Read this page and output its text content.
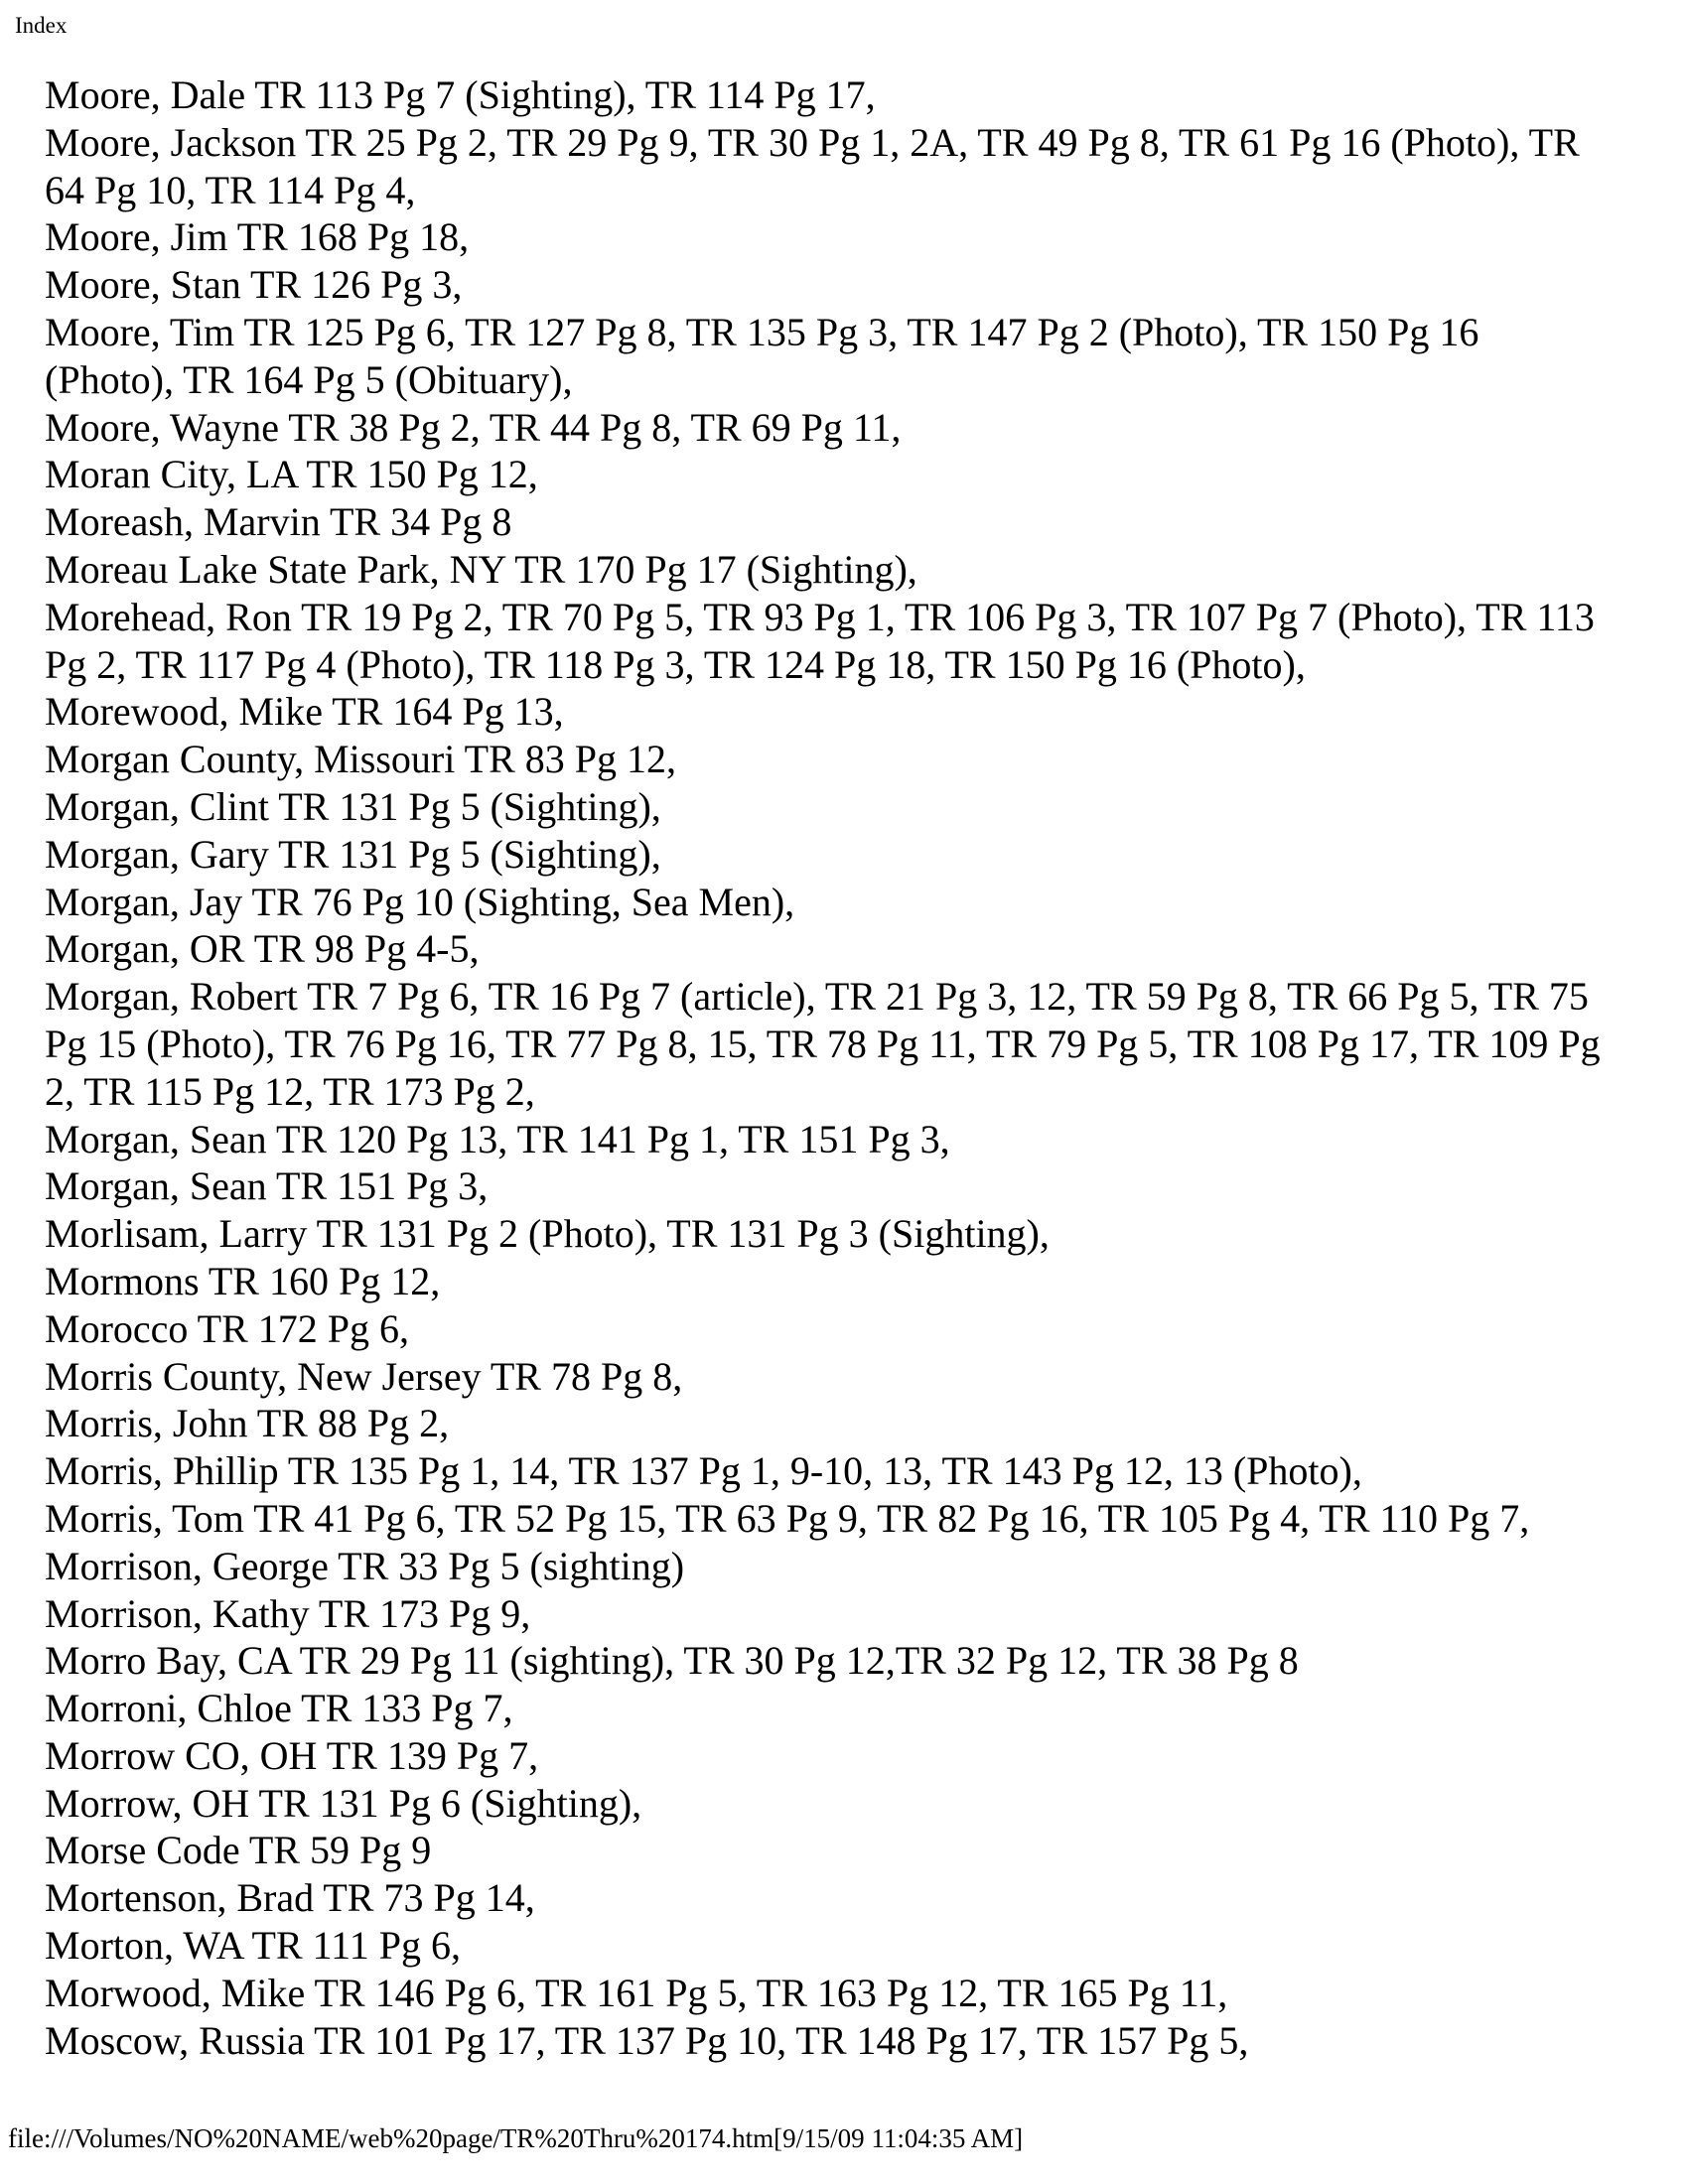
Index
Moore, Dale TR 113 Pg 7 (Sighting), TR 114 Pg 17,
Moore, Jackson TR 25 Pg 2, TR 29 Pg 9, TR 30 Pg 1, 2A, TR 49 Pg 8, TR 61 Pg 16 (Photo), TR
64 Pg 10, TR 114 Pg 4,
Moore, Jim TR 168 Pg 18,
Moore, Stan TR 126 Pg 3,
Moore, Tim TR 125 Pg 6, TR 127 Pg 8, TR 135 Pg 3, TR 147 Pg 2 (Photo), TR 150 Pg 16
(Photo), TR 164 Pg 5 (Obituary),
Moore, Wayne TR 38 Pg 2, TR 44 Pg 8, TR 69 Pg 11,
Moran City, LA TR 150 Pg 12,
Moreash, Marvin TR 34 Pg 8
Moreau Lake State Park, NY TR 170 Pg 17 (Sighting),
Morehead, Ron TR 19 Pg 2, TR 70 Pg 5, TR 93 Pg 1, TR 106 Pg 3, TR 107 Pg 7 (Photo), TR 113
Pg 2, TR 117 Pg 4 (Photo), TR 118 Pg 3, TR 124 Pg 18, TR 150 Pg 16 (Photo),
Morewood, Mike TR 164 Pg 13,
Morgan County, Missouri TR 83 Pg 12,
Morgan, Clint TR 131 Pg 5 (Sighting),
Morgan, Gary TR 131 Pg 5 (Sighting),
Morgan, Jay TR 76 Pg 10 (Sighting, Sea Men),
Morgan, OR TR 98 Pg 4-5,
Morgan, Robert TR 7 Pg 6, TR 16 Pg 7 (article), TR 21 Pg 3, 12, TR 59 Pg 8, TR 66 Pg 5, TR 75
Pg 15 (Photo), TR 76 Pg 16, TR 77 Pg 8, 15, TR 78 Pg 11, TR 79 Pg 5, TR 108 Pg 17, TR 109 Pg
2, TR 115 Pg 12, TR 173 Pg 2,
Morgan, Sean TR 120 Pg 13, TR 141 Pg 1, TR 151 Pg 3,
Morgan, Sean TR 151 Pg 3,
Morlisam, Larry TR 131 Pg 2 (Photo), TR 131 Pg 3 (Sighting),
Mormons TR 160 Pg 12,
Morocco TR 172 Pg 6,
Morris County, New Jersey TR 78 Pg 8,
Morris, John TR 88 Pg 2,
Morris, Phillip TR 135 Pg 1, 14, TR 137 Pg 1, 9-10, 13, TR 143 Pg 12, 13 (Photo),
Morris, Tom TR 41 Pg 6, TR 52 Pg 15, TR 63 Pg 9, TR 82 Pg 16, TR 105 Pg 4, TR 110 Pg 7,
Morrison, George TR 33 Pg 5 (sighting)
Morrison, Kathy TR 173 Pg 9,
Morro Bay, CA TR 29 Pg 11 (sighting), TR 30 Pg 12,TR 32 Pg 12, TR 38 Pg 8
Morroni, Chloe TR 133 Pg 7,
Morrow CO, OH TR 139 Pg 7,
Morrow, OH TR 131 Pg 6 (Sighting),
Morse Code TR 59 Pg 9
Mortenson, Brad TR 73 Pg 14,
Morton, WA TR 111 Pg 6,
Morwood, Mike TR 146 Pg 6, TR 161 Pg 5, TR 163 Pg 12, TR 165 Pg 11,
Moscow, Russia TR 101 Pg 17, TR 137 Pg 10, TR 148 Pg 17, TR 157 Pg 5,
file:///Volumes/NO%20NAME/web%20page/TR%20Thru%20174.htm[9/15/09 11:04:35 AM]
